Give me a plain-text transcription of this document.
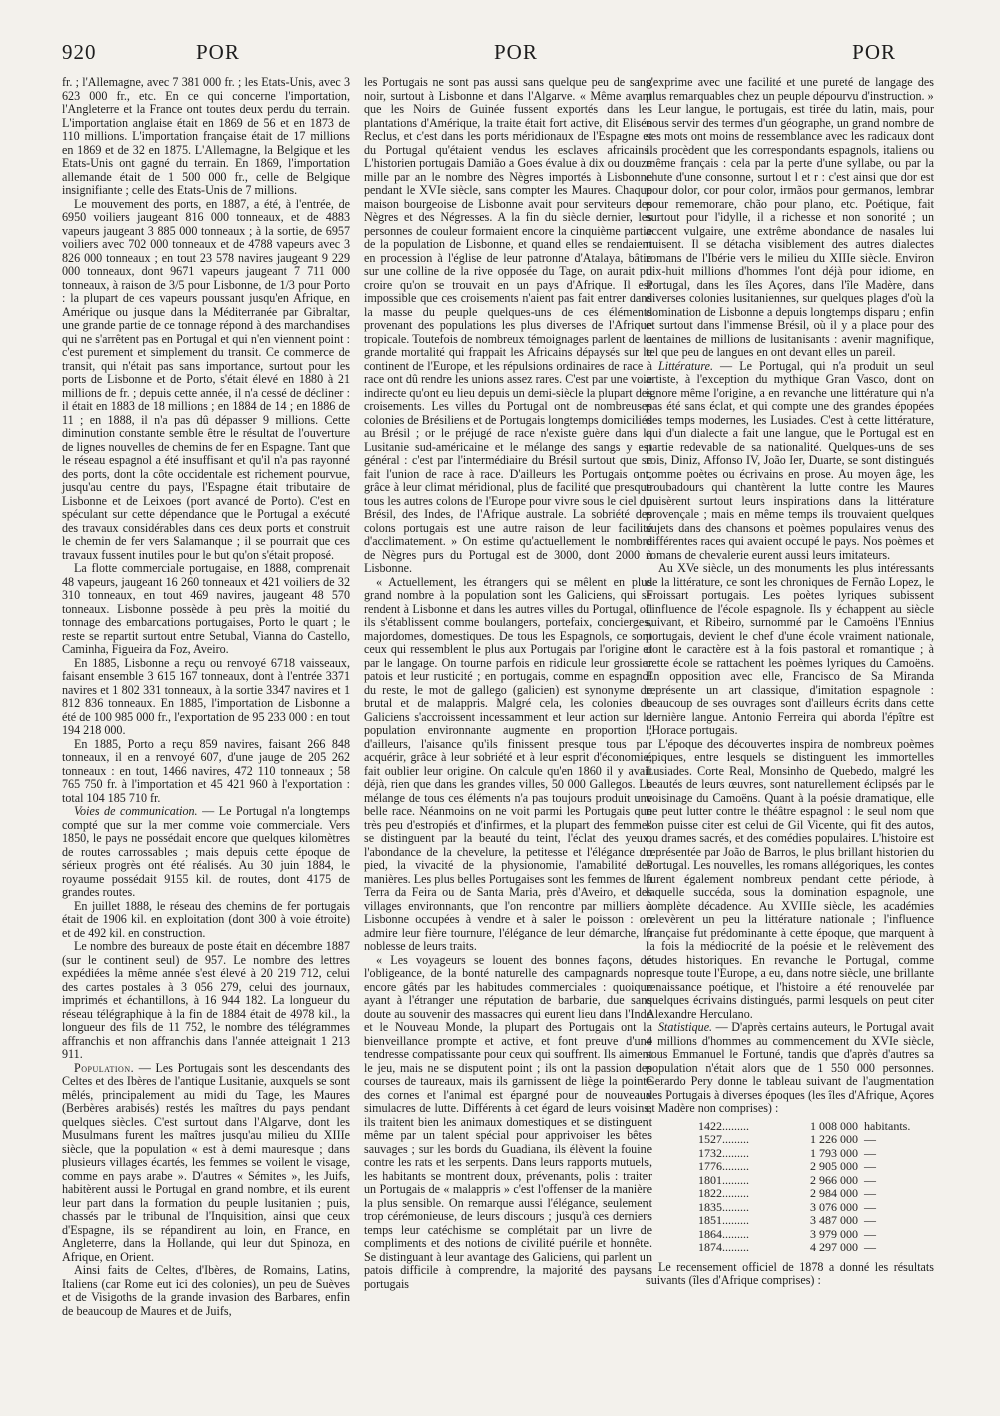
920	POR	POR	POR

fr. ; l'Allemagne, avec 7 381 000 fr. ; les Etats-Unis, avec 3 623 000 fr., etc. En ce qui concerne l'importation, l'Angleterre et la France ont toutes deux perdu du terrain. L'importation anglaise était en 1869 de 56 et en 1873 de 110 millions. L'importation française était de 17 millions en 1869 et de 32 en 1875. L'Allemagne, la Belgique et les Etats-Unis ont gagné du terrain. En 1869, l'importation allemande était de 1 500 000 fr., celle de Belgique insignifiante ; celle des Etats-Unis de 7 millions.

Le mouvement des ports, en 1887, a été, à l'entrée, de 6950 voiliers jaugeant 816 000 tonneaux, et de 4883 vapeurs jaugeant 3 885 000 tonneaux ; à la sortie, de 6957 voiliers avec 702 000 tonneaux et de 4788 vapeurs avec 3 826 000 tonneaux ; en tout 23 578 navires jaugeant 9 229 000 tonneaux, dont 9671 vapeurs jaugeant 7 711 000 tonneaux, à raison de 3/5 pour Lisbonne, de 1/3 pour Porto : la plupart de ces vapeurs poussant jusqu'en Afrique, en Amérique ou jusque dans la Méditerranée par Gibraltar, une grande partie de ce tonnage répond à des marchandises qui ne s'arrêtent pas en Portugal et qui n'en viennent point : c'est purement et simplement du transit. Ce commerce de transit, qui n'était pas sans importance, surtout pour les ports de Lisbonne et de Porto, s'était élevé en 1880 à 21 millions de fr. ; depuis cette année, il n'a cessé de décliner : il était en 1883 de 18 millions ; en 1884 de 14 ; en 1886 de 11 ; en 1888, il n'a pas dû dépasser 9 millions. Cette diminution constante semble être le résultat de l'ouverture de lignes nouvelles de chemins de fer en Espagne. Tant que le réseau espagnol a été insuffisant et qu'il n'a pas rayonné des ports, dont la côte occidentale est richement pourvue, jusqu'au centre du pays, l'Espagne était tributaire de Lisbonne et de Leixoes (port avancé de Porto). C'est en spéculant sur cette dépendance que le Portugal a exécuté des travaux considérables dans ces deux ports et construit le chemin de fer vers Salamanque ; il se pourrait que ces travaux fussent inutiles pour le but qu'on s'était proposé.

La flotte commerciale portugaise, en 1888, comprenait 48 vapeurs, jaugeant 16 260 tonneaux et 421 voiliers de 32 310 tonneaux, en tout 469 navires, jaugeant 48 570 tonneaux. Lisbonne possède à peu près la moitié du tonnage des embarcations portugaises, Porto le quart ; le reste se repartit surtout entre Setubal, Vianna do Castello, Caminha, Figueira da Foz, Aveiro.

En 1885, Lisbonne a reçu ou renvoyé 6718 vaisseaux, faisant ensemble 3 615 167 tonneaux, dont à l'entrée 3371 navires et 1 802 331 tonneaux, à la sortie 3347 navires et 1 812 836 tonneaux. En 1885, l'importation de Lisbonne a été de 100 985 000 fr., l'exportation de 95 233 000 : en tout 194 218 000.

En 1885, Porto a reçu 859 navires, faisant 266 848 tonneaux, il en a renvoyé 607, d'une jauge de 205 262 tonneaux : en tout, 1466 navires, 472 110 tonneaux ; 58 765 750 fr. à l'importation et 45 421 960 à l'exportation : total 104 185 710 fr.

Voies de communication. — Le Portugal n'a longtemps compté que sur la mer comme voie commerciale. Vers 1850, le pays ne possédait encore que quelques kilomètres de routes carrossables ; mais depuis cette époque de sérieux progrès ont été réalisés. Au 30 juin 1884, le royaume possédait 9155 kil. de routes, dont 4175 de grandes routes.

En juillet 1888, le réseau des chemins de fer portugais était de 1906 kil. en exploitation (dont 300 à voie étroite) et de 492 kil. en construction.

Le nombre des bureaux de poste était en décembre 1887 (sur le continent seul) de 957. Le nombre des lettres expédiées la même année s'est élevé à 20 219 712, celui des cartes postales à 3 056 279, celui des journaux, imprimés et échantillons, à 16 944 182. La longueur du réseau télégraphique à la fin de 1884 était de 4978 kil., la longueur des fils de 11 752, le nombre des télégrammes affranchis et non affranchis dans l'année atteignait 1 213 911.

Population. — Les Portugais sont les descendants des Celtes et des Ibères de l'antique Lusitanie, auxquels se sont mêlés, principalement au midi du Tage, les Maures (Berbères arabisés) restés les maîtres du pays pendant quelques siècles. C'est surtout dans l'Algarve, dont les Musulmans furent les maîtres jusqu'au milieu du XIIIe siècle, que la population « est à demi mauresque ; dans plusieurs villages écartés, les femmes se voilent le visage, comme en pays arabe ». D'autres « Sémites », les Juifs, habitèrent aussi le Portugal en grand nombre, et ils eurent leur part dans la formation du peuple lusitanien ; puis, chassés par le tribunal de l'Inquisition, ainsi que ceux d'Espagne, ils se répandirent au loin, en France, en Angleterre, dans la Hollande, qui leur dut Spinoza, en Afrique, en Orient.

Ainsi faits de Celtes, d'Ibères, de Romains, Latins, Italiens (car Rome eut ici des colonies), un peu de Suèves et de Visigoths de la grande invasion des Barbares, enfin de beaucoup de Maures et de Juifs,

les Portugais ne sont pas aussi sans quelque peu de sang noir, surtout à Lisbonne et dans l'Algarve. « Même avant que les Noirs de Guinée fussent exportés dans les plantations d'Amérique, la traite était fort active, dit Elisée Reclus, et c'est dans les ports méridionaux de l'Espagne et du Portugal qu'étaient vendus les esclaves africains. L'historien portugais Damião a Goes évalue à dix ou douze mille par an le nombre des Nègres importés à Lisbonne pendant le XVIe siècle, sans compter les Maures. Chaque maison bourgeoise de Lisbonne avait pour serviteurs des Nègres et des Négresses. A la fin du siècle dernier, les personnes de couleur formaient encore la cinquième partie de la population de Lisbonne, et quand elles se rendaient en procession à l'église de leur patronne d'Atalaya, bâtie sur une colline de la rive opposée du Tage, on aurait pu croire qu'on se trouvait en un pays d'Afrique. Il est impossible que ces croisements n'aient pas fait entrer dans la masse du peuple quelques-uns de ces éléments provenant des populations les plus diverses de l'Afrique tropicale. Toutefois de nombreux témoignages parlent de la grande mortalité qui frappait les Africains dépaysés sur le continent de l'Europe, et les répulsions ordinaires de race à race ont dû rendre les unions assez rares. C'est par une voie indirecte qu'ont eu lieu depuis un demi-siècle la plupart des croisements. Les villes du Portugal ont de nombreuses colonies de Brésiliens et de Portugais longtemps domiciliés au Brésil ; or le préjugé de race n'existe guère dans la Lusitanie sud-américaine et le mélange des sangs y est général : c'est par l'intermédiaire du Brésil surtout que se fait l'union de race à race. D'ailleurs les Portugais ont, grâce à leur climat méridional, plus de facilité que presque tous les autres colons de l'Europe pour vivre sous le ciel du Brésil, des Indes, de l'Afrique australe. La sobriété des colons portugais est une autre raison de leur facilité d'acclimatement. » On estime qu'actuellement le nombre de Nègres purs du Portugal est de 3000, dont 2000 à Lisbonne.

« Actuellement, les étrangers qui se mêlent en plus grand nombre à la population sont les Galiciens, qui se rendent à Lisbonne et dans les autres villes du Portugal, où ils s'établissent comme boulangers, portefaix, concierges, majordomes, domestiques. De tous les Espagnols, ce sont ceux qui ressemblent le plus aux Portugais par l'origine et par le langage. On tourne parfois en ridicule leur grossier patois et leur rusticité ; en portugais, comme en espagnol du reste, le mot de gallego (galicien) est synonyme de brutal et de malappris. Malgré cela, les colonies de Galiciens s'accroissent incessamment et leur action sur la population environnante augmente en proportion ; d'ailleurs, l'aisance qu'ils finissent presque tous par acquérir, grâce à leur sobriété et à leur esprit d'économie, fait oublier leur origine. On calcule qu'en 1860 il y avait déjà, rien que dans les grandes villes, 50 000 Gallegos. Le mélange de tous ces éléments n'a pas toujours produit une belle race. Néanmoins on ne voit parmi les Portugais que très peu d'estropiés et d'infirmes, et la plupart des femmes se distinguent par la beauté du teint, l'éclat des yeux, l'abondance de la chevelure, la petitesse et l'élégance du pied, la vivacité de la physionomie, l'amabilité des manières. Les plus belles Portugaises sont les femmes de la Terra da Feira ou de Santa Maria, près d'Aveiro, et des villages environnants, que l'on rencontre par milliers à Lisbonne occupées à vendre et à saler le poisson : on admire leur fière tournure, l'élégance de leur démarche, la noblesse de leurs traits.

« Les voyageurs se louent des bonnes façons, de l'obligeance, de la bonté naturelle des campagnards non encore gâtés par les habitudes commerciales : quoique ayant à l'étranger une réputation de barbarie, due sans doute au souvenir des massacres qui eurent lieu dans l'Inde et le Nouveau Monde, la plupart des Portugais ont la bienveillance prompte et active, et font preuve d'une tendresse compatissante pour ceux qui souffrent. Ils aiment le jeu, mais ne se disputent point ; ils ont la passion des courses de taureaux, mais ils garnissent de liège la pointe des cornes et l'animal est épargné pour de nouveaux simulacres de lutte. Différents à cet égard de leurs voisins, ils traitent bien les animaux domestiques et se distinguent même par un talent spécial pour apprivoiser les bêtes sauvages ; sur les bords du Guadiana, ils élèvent la fouine contre les rats et les serpents. Dans leurs rapports mutuels, les habitants se montrent doux, prévenants, polis : traiter un Portugais de « malappris » c'est l'offenser de la manière la plus sensible. On remarque aussi l'élégance, seulement trop cérémonieuse, de leurs discours ; jusqu'à ces derniers temps leur catéchisme se complétait par un livre de compliments et des notions de civilité puérile et honnête. Se distinguant à leur avantage des Galiciens, qui parlent un patois difficile à comprendre, la majorité des paysans portugais

s'exprime avec une facilité et une pureté de langage des plus remarquables chez un peuple dépourvu d'instruction. »

Leur langue, le portugais, est tirée du latin, mais, pour nous servir des termes d'un géographe, un grand nombre de ses mots ont moins de ressemblance avec les radicaux dont ils procèdent que les correspondants espagnols, italiens ou même français : cela par la perte d'une syllabe, ou par la chute d'une consonne, surtout l et r : c'est ainsi que dor est pour dolor, cor pour color, irmãos pour germanos, lembrar pour rememorare, chão pour plano, etc. Poétique, fait surtout pour l'idylle, il a richesse et non sonorité ; un accent vulgaire, une extrême abondance de nasales lui nuisent. Il se détacha visiblement des autres dialectes romans de l'Ibérie vers le milieu du XIIIe siècle. Environ dix-huit millions d'hommes l'ont déjà pour idiome, en Portugal, dans les îles Açores, dans l'île Madère, dans diverses colonies lusitaniennes, sur quelques plages d'où la domination de Lisbonne a depuis longtemps disparu ; enfin et surtout dans l'immense Brésil, où il y a place pour des centaines de millions de lusitanisants : avenir magnifique, tel que peu de langues en ont devant elles un pareil.

Littérature. — Le Portugal, qui n'a produit un seul artiste, à l'exception du mythique Gran Vasco, dont on ignore même l'origine, a en revanche une littérature qui n'a pas été sans éclat, et qui compte une des grandes épopées des temps modernes, les Lusiades. C'est à cette littérature, qui d'un dialecte a fait une langue, que le Portugal est en partie redevable de sa nationalité. Quelques-uns de ses rois, Diniz, Affonso IV, João Ier, Duarte, se sont distingués comme poètes ou écrivains en prose. Au moyen âge, les troubadours qui chantèrent la lutte contre les Maures puisèrent surtout leurs inspirations dans la littérature provençale ; mais en même temps ils trouvaient quelques sujets dans des chansons et poèmes populaires venus des différentes races qui avaient occupé le pays. Nos poèmes et romans de chevalerie eurent aussi leurs imitateurs.

Au XVe siècle, un des monuments les plus intéressants de la littérature, ce sont les chroniques de Fernão Lopez, le Froissart portugais. Les poètes lyriques subissent l'influence de l'école espagnole. Ils y échappent au siècle suivant, et Ribeiro, surnommé par le Camoëns l'Ennius portugais, devient le chef d'une école vraiment nationale, dont le caractère est à la fois pastoral et romantique ; à cette école se rattachent les poèmes lyriques du Camoëns. En opposition avec elle, Francisco de Sa Miranda représente un art classique, d'imitation espagnole : beaucoup de ses ouvrages sont d'ailleurs écrits dans cette dernière langue. Antonio Ferreira qui aborda l'épître est l'Horace portugais.

L'époque des découvertes inspira de nombreux poèmes épiques, entre lesquels se distinguent les immortelles Lusiades. Corte Real, Monsinho de Quebedo, malgré les beautés de leurs œuvres, sont naturellement éclipsés par le voisinage du Camoëns. Quant à la poésie dramatique, elle ne peut lutter contre le théâtre espagnol : le seul nom que l'on puisse citer est celui de Gil Vicente, qui fit des autos, ou drames sacrés, et des comédies populaires. L'histoire est représentée par João de Barros, le plus brillant historien du Portugal. Les nouvelles, les romans allégoriques, les contes furent également nombreux pendant cette période, à laquelle succéda, sous la domination espagnole, une complète décadence. Au XVIIIe siècle, les académies relevèrent un peu la littérature nationale ; l'influence française fut prédominante à cette époque, que marquent à la fois la médiocrité de la poésie et le relèvement des études historiques. En revanche le Portugal, comme presque toute l'Europe, a eu, dans notre siècle, une brillante renaissance poétique, et l'histoire a été renouvelée par quelques écrivains distingués, parmi lesquels on peut citer Alexandre Herculano.

Statistique. — D'après certains auteurs, le Portugal avait 4 millions d'hommes au commencement du XVIe siècle, sous Emmanuel le Fortuné, tandis que d'après d'autres sa population n'était alors que de 1 550 000 personnes. Gerardo Pery donne le tableau suivant de l'augmentation des Portugais à diverses époques (les îles d'Afrique, Açores et Madère non comprises) :

1422.........	1 008 000	habitants.
1527.........	1 226 000	—
1732.........	1 793 000	—
1776.........	2 905 000	—
1801.........	2 966 000	—
1822.........	2 984 000	—
1835.........	3 076 000	—
1851.........	3 487 000	—
1864.........	3 979 000	—
1874.........	4 297 000	—

Le recensement officiel de 1878 a donné les résultats suivants (îles d'Afrique comprises) :
